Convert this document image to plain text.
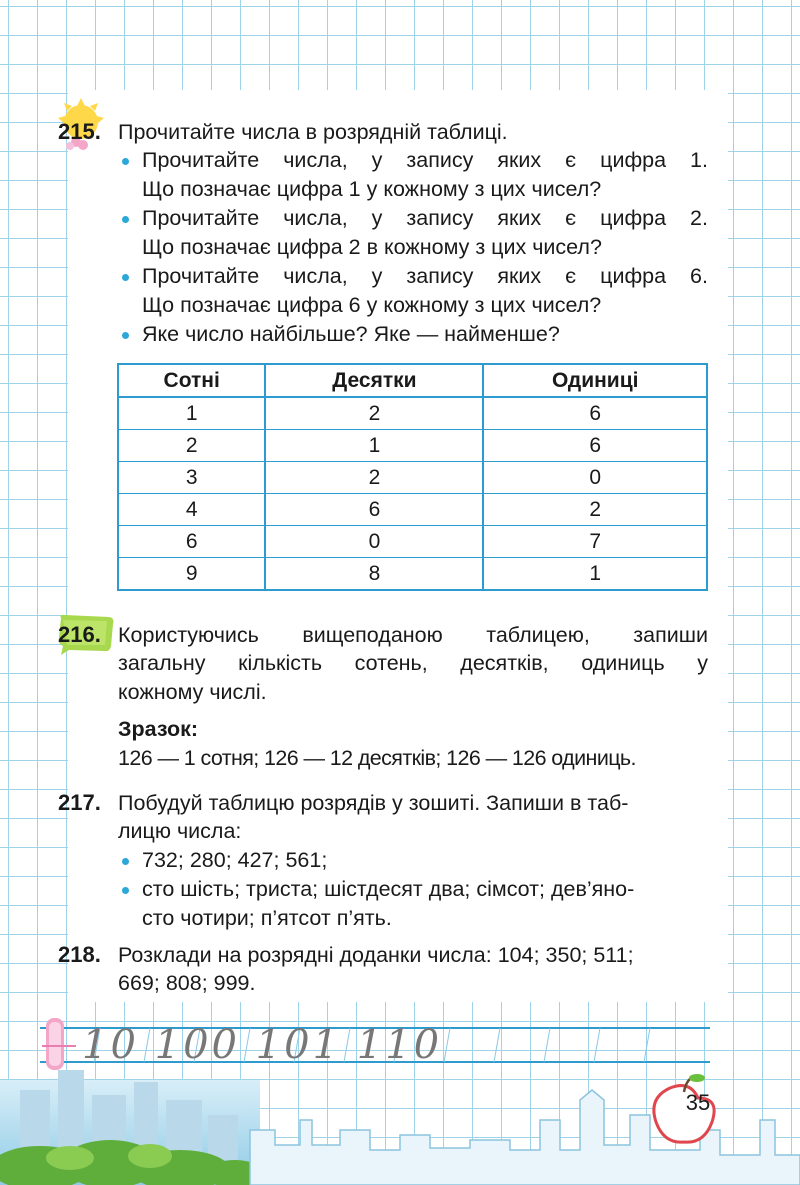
215. Прочитайте числа в розрядній таблиці.
Прочитайте числа, у запису яких є цифра 1.
Що позначає цифра 1 у кожному з цих чисел?
Прочитайте числа, у запису яких є цифра 2.
Що позначає цифра 2 в кожному з цих чисел?
Прочитайте числа, у запису яких є цифра 6.
Що позначає цифра 6 у кожному з цих чисел?
Яке число найбільше? Яке — найменше?
Сотні	Десятки	Одиниці
1	2	6
2	1	6
3	2	0
4	6	2
6	0	7
9	8	1
216. Користуючись вищеподаною таблицею, запиши
загальну кількість сотень, десятків, одиниць у
кожному числі.
Зразок:
126 — 1 сотня; 126 — 12 десятків; 126 — 126 одиниць.
217. Побудуй таблицю розрядів у зошиті. Запиши в таб-
лицю числа:
732; 280; 427; 561;
сто шість; триста; шістдесят два; сімсот; дев’яно-
сто чотири; п’ятсот п’ять.
218. Розклади на розрядні доданки числа: 104; 350; 511;
669; 808; 999.
10 100 101 110
35
